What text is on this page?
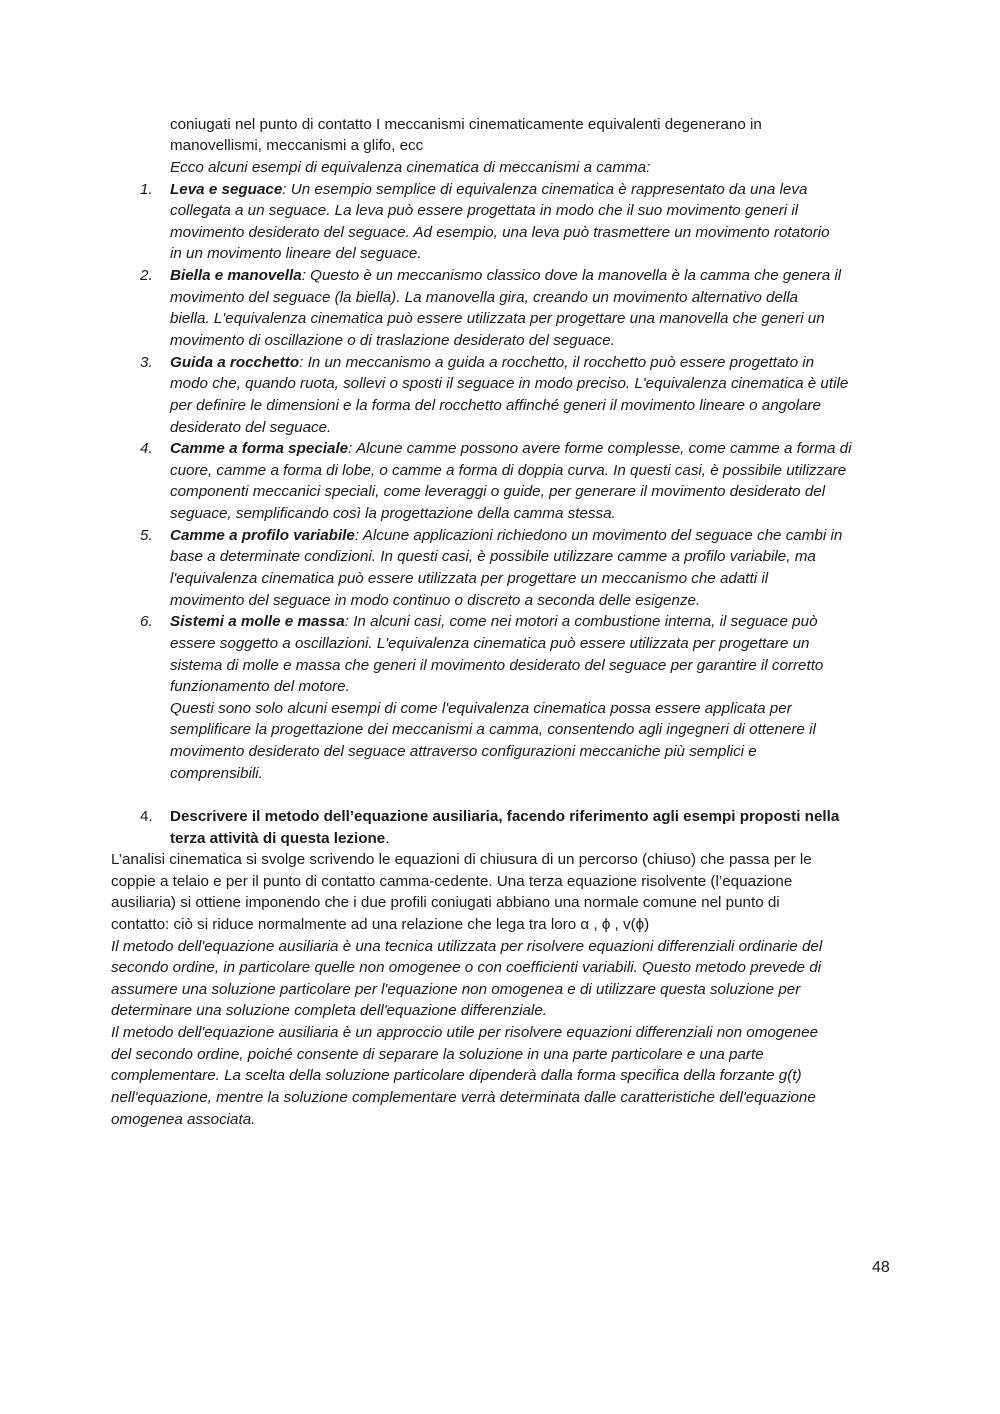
coniugati nel punto di contatto I meccanismi cinematicamente equivalenti degenerano in
manovellismi, meccanismi a glifo, ecc
Ecco alcuni esempi di equivalenza cinematica di meccanismi a camma:
1. Leva e seguace: Un esempio semplice di equivalenza cinematica è rappresentato da una leva
collegata a un seguace. La leva può essere progettata in modo che il suo movimento generi il
movimento desiderato del seguace. Ad esempio, una leva può trasmettere un movimento rotatorio
in un movimento lineare del seguace.
2. Biella e manovella: Questo è un meccanismo classico dove la manovella è la camma che genera il
movimento del seguace (la biella). La manovella gira, creando un movimento alternativo della
biella. L'equivalenza cinematica può essere utilizzata per progettare una manovella che generi un
movimento di oscillazione o di traslazione desiderato del seguace.
3. Guida a rocchetto: In un meccanismo a guida a rocchetto, il rocchetto può essere progettato in
modo che, quando ruota, sollevi o sposti il seguace in modo preciso. L'equivalenza cinematica è utile
per definire le dimensioni e la forma del rocchetto affinché generi il movimento lineare o angolare
desiderato del seguace.
4. Camme a forma speciale: Alcune camme possono avere forme complesse, come camme a forma di
cuore, camme a forma di lobe, o camme a forma di doppia curva. In questi casi, è possibile utilizzare
componenti meccanici speciali, come leveraggi o guide, per generare il movimento desiderato del
seguace, semplificando così la progettazione della camma stessa.
5. Camme a profilo variabile: Alcune applicazioni richiedono un movimento del seguace che cambi in
base a determinate condizioni. In questi casi, è possibile utilizzare camme a profilo variabile, ma
l'equivalenza cinematica può essere utilizzata per progettare un meccanismo che adatti il
movimento del seguace in modo continuo o discreto a seconda delle esigenze.
6. Sistemi a molle e massa: In alcuni casi, come nei motori a combustione interna, il seguace può
essere soggetto a oscillazioni. L'equivalenza cinematica può essere utilizzata per progettare un
sistema di molle e massa che generi il movimento desiderato del seguace per garantire il corretto
funzionamento del motore.
Questi sono solo alcuni esempi di come l'equivalenza cinematica possa essere applicata per
semplificare la progettazione dei meccanismi a camma, consentendo agli ingegneri di ottenere il
movimento desiderato del seguace attraverso configurazioni meccaniche più semplici e
comprensibili.
4. Descrivere il metodo dell’equazione ausiliaria, facendo riferimento agli esempi proposti nella
terza attività di questa lezione.
L’analisi cinematica si svolge scrivendo le equazioni di chiusura di un percorso (chiuso) che passa per le
coppie a telaio e per il punto di contatto camma-cedente. Una terza equazione risolvente (l’equazione
ausiliaria) si ottiene imponendo che i due profili coniugati abbiano una normale comune nel punto di
contatto: ciò si riduce normalmente ad una relazione che lega tra loro α , ϕ , v(ϕ)
Il metodo dell'equazione ausiliaria è una tecnica utilizzata per risolvere equazioni differenziali ordinarie del
secondo ordine, in particolare quelle non omogenee o con coefficienti variabili. Questo metodo prevede di
assumere una soluzione particolare per l'equazione non omogenea e di utilizzare questa soluzione per
determinare una soluzione completa dell'equazione differenziale.
Il metodo dell'equazione ausiliaria è un approccio utile per risolvere equazioni differenziali non omogenee
del secondo ordine, poiché consente di separare la soluzione in una parte particolare e una parte
complementare. La scelta della soluzione particolare dipenderà dalla forma specifica della forzante g(t)
nell'equazione, mentre la soluzione complementare verrà determinata dalle caratteristiche dell'equazione
omogenea associata.
48
